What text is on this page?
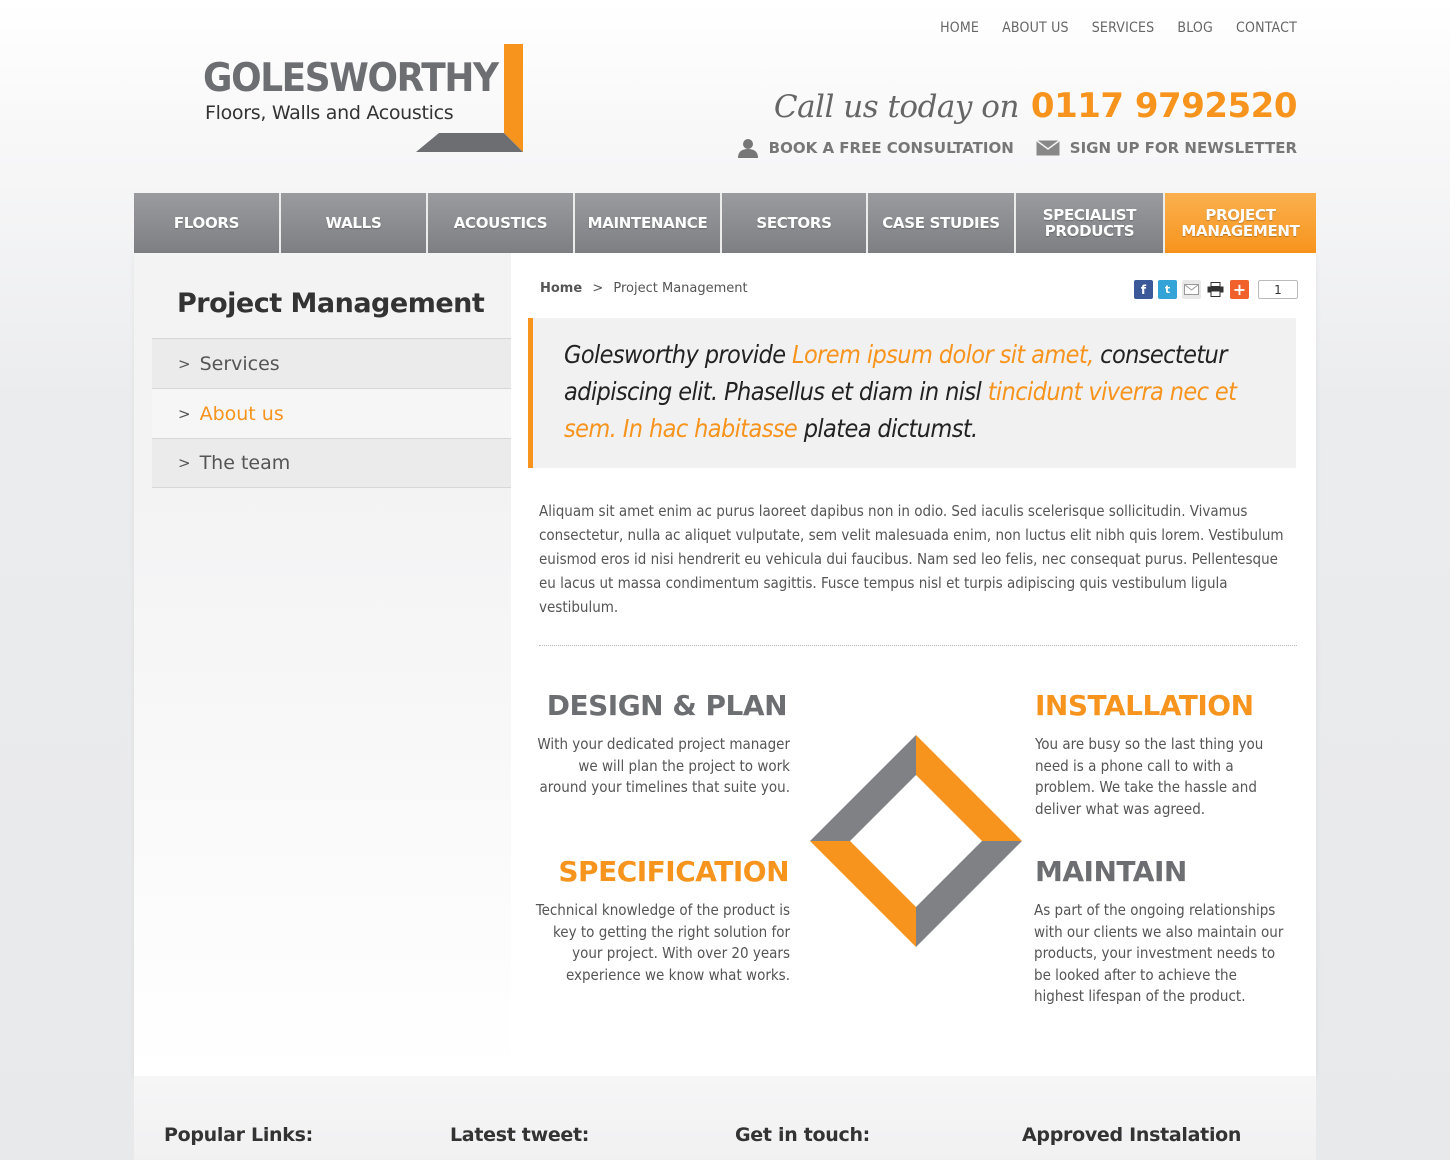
HOME ABOUT US SERVICES BLOG CONTACT
GOLESWORTHY
Floors, Walls and Acoustics	Call us today on 0117 9792520
BOOK A FREE CONSULTATION	SIGN UP FOR NEWSLETTER
FLOORS	WALLS	ACOUSTICS	MAINTENANCE	SECTORS	CASE STUDIES	SPECIALIST
PRODUCTS
PROJECT
MANAGEMENT
Project Management
> Services
> About us
> The team
Home > Project Management	f	t	+	1
Golesworthy provide Lorem ipsum dolor sit amet, consectetur adipiscing elit. Phasellus et diam in nisl tincidunt viverra nec et sem. In hac habitasse platea dictumst.

Aliquam sit amet enim ac purus laoreet dapibus non in odio. Sed iaculis scelerisque sollicitudin. Vivamus consectetur, nulla ac aliquet vulputate, sem velit malesuada enim, non luctus elit nibh quis lorem. Vestibulum euismod eros id nisi hendrerit eu vehicula dui faucibus. Nam sed leo felis, nec consequat purus. Pellentesque eu lacus ut massa condimentum sagittis. Fusce tempus nisl et turpis adipiscing quis vestibulum ligula vestibulum.

DESIGN & PLAN

With your dedicated project manager we will plan the project to work around your timelines that suite you.

INSTALLATION

You are busy so the last thing you need is a phone call to with a problem. We take the hassle and deliver what was agreed.

SPECIFICATION

Technical knowledge of the product is key to getting the right solution for your project. With over 20 years experience we know what works.

MAINTAIN

As part of the ongoing relationships with our clients we also maintain our products, your investment needs to be looked after to achieve the highest lifespan of the product.

Popular Links:	Latest tweet:	Get in touch:	Approved Instalation
